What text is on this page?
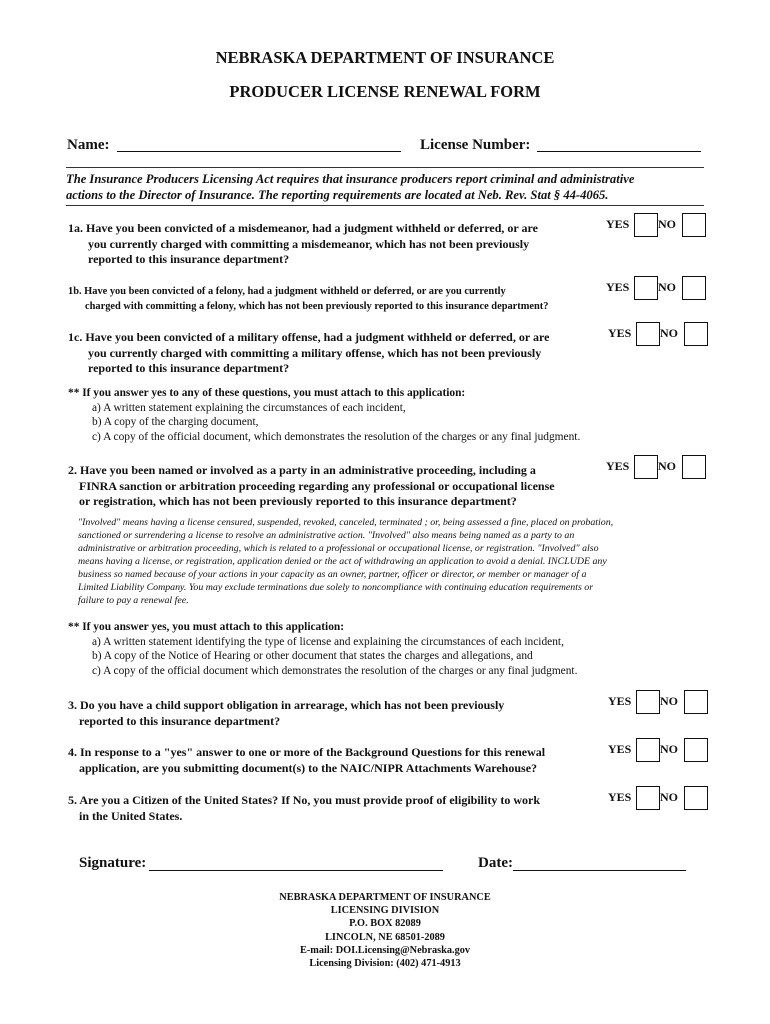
NEBRASKA DEPARTMENT OF INSURANCE
PRODUCER LICENSE RENEWAL FORM
Name:	License Number:
The Insurance Producers Licensing Act requires that insurance producers report criminal and administrative
actions to the Director of Insurance. The reporting requirements are located at Neb. Rev. Stat § 44-4065.
1a. Have you been convicted of a misdemeanor, had a judgment withheld or deferred, or are
you currently charged with committing a misdemeanor, which has not been previously
reported to this insurance department?
YES NO
1b. Have you been convicted of a felony, had a judgment withheld or deferred, or are you currently
charged with committing a felony, which has not been previously reported to this insurance department?
YES NO
1c. Have you been convicted of a military offense, had a judgment withheld or deferred, or are
you currently charged with committing a military offense, which has not been previously
reported to this insurance department?
YES NO
** If you answer yes to any of these questions, you must attach to this application:
a) A written statement explaining the circumstances of each incident,
b) A copy of the charging document,
c) A copy of the official document, which demonstrates the resolution of the charges or any final judgment.
2. Have you been named or involved as a party in an administrative proceeding, including a
FINRA sanction or arbitration proceeding regarding any professional or occupational license
or registration, which has not been previously reported to this insurance department?
YES NO
"Involved" means having a license censured, suspended, revoked, canceled, terminated ; or, being assessed a fine, placed on probation,
sanctioned or surrendering a license to resolve an administrative action. "Involved" also means being named as a party to an
administrative or arbitration proceeding, which is related to a professional or occupational license, or registration. "Involved" also
means having a license, or registration, application denied or the act of withdrawing an application to avoid a denial. INCLUDE any
business so named because of your actions in your capacity as an owner, partner, officer or director, or member or manager of a
Limited Liability Company. You may exclude terminations due solely to noncompliance with continuing education requirements or
failure to pay a renewal fee.
** If you answer yes, you must attach to this application:
a) A written statement identifying the type of license and explaining the circumstances of each incident,
b) A copy of the Notice of Hearing or other document that states the charges and allegations, and
c) A copy of the official document which demonstrates the resolution of the charges or any final judgment.
3. Do you have a child support obligation in arrearage, which has not been previously
reported to this insurance department?
YES NO
4. In response to a "yes" answer to one or more of the Background Questions for this renewal
application, are you submitting document(s) to the NAIC/NIPR Attachments Warehouse?
YES NO
5. Are you a Citizen of the United States? If No, you must provide proof of eligibility to work
in the United States.
YES NO
Signature:	Date:
NEBRASKA DEPARTMENT OF INSURANCE
LICENSING DIVISION
P.O. BOX 82089
LINCOLN, NE 68501-2089
E-mail: DOI.Licensing@Nebraska.gov
Licensing Division: (402) 471-4913
